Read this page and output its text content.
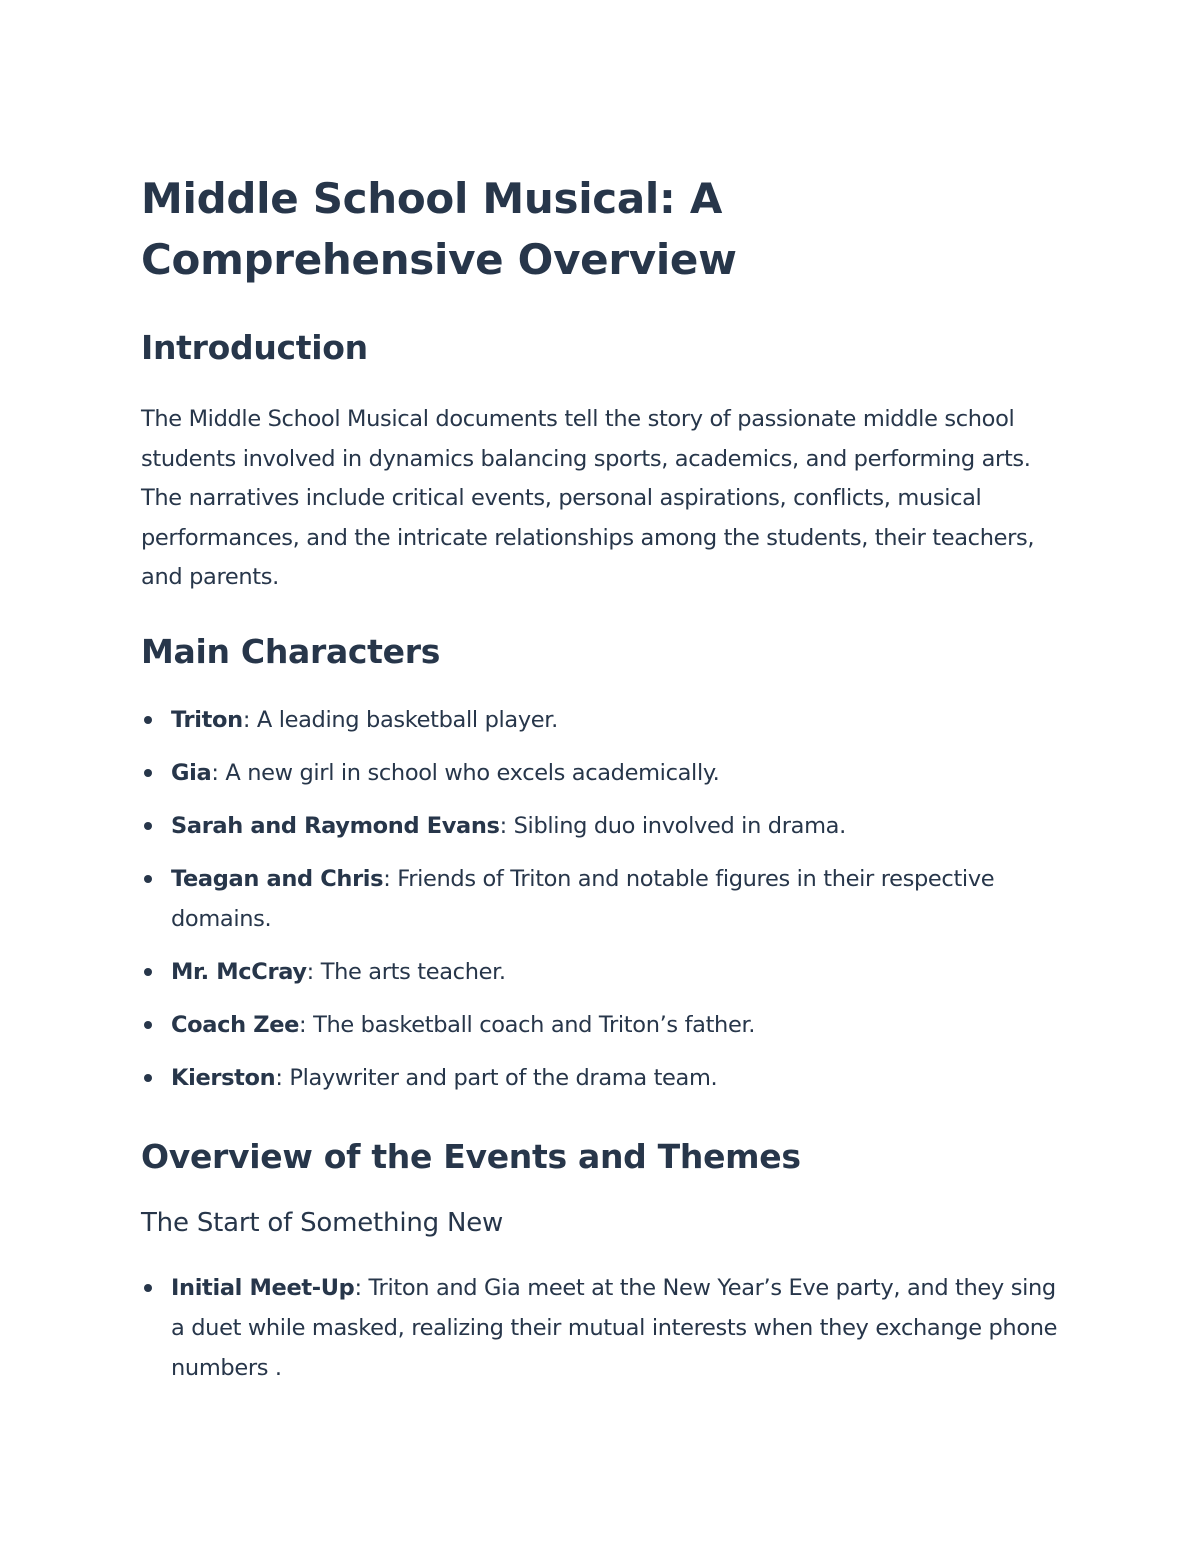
Middle School Musical: A Comprehensive Overview
Introduction

The Middle School Musical documents tell the story of passionate middle school students involved in dynamics balancing sports, academics, and performing arts. The narratives include critical events, personal aspirations, conflicts, musical performances, and the intricate relationships among the students, their teachers, and parents.

Main Characters
Triton: A leading basketball player.
Gia: A new girl in school who excels academically.
Sarah and Raymond Evans: Sibling duo involved in drama.
Teagan and Chris: Friends of Triton and notable figures in their respective domains.
Mr. McCray: The arts teacher.
Coach Zee: The basketball coach and Triton’s father.
Kierston: Playwriter and part of the drama team.
Overview of the Events and Themes
The Start of Something New
Initial Meet-Up: Triton and Gia meet at the New Year’s Eve party, and they sing a duet while masked, realizing their mutual interests when they exchange phone numbers .
